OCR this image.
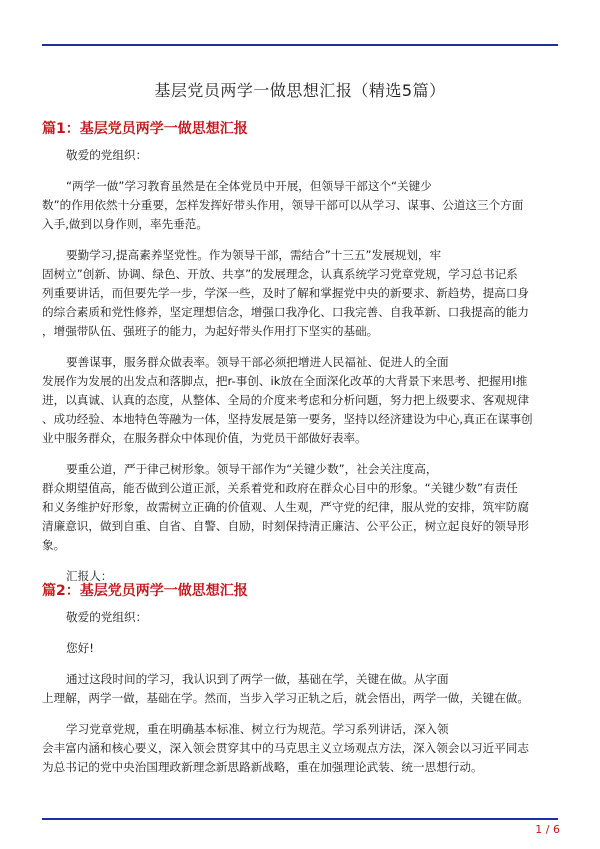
基层党员两学一做思想汇报（精选5篇）
篇1：基层党员两学一做思想汇报

敬爱的党组织：

“两学一做”学习教育虽然是在全体党员中开展，但领导干部这个“关键少
数”的作用依然十分重要，怎样发挥好带头作用，领导干部可以从学习、谋事、公道这三个方面
入手,做到以身作则，率先垂范。

要勤学习,提高素养坚党性。作为领导干部，需结合”十三五”发展规划，牢
固树立”创新、协调、绿色、开放、共享”的发展理念，认真系统学习党章党规，学习总书记系
列重要讲话，而但要先学一步，学深一些，及时了解和掌握党中央的新要求、新趋势，提高口身
的综合素质和党性修养，坚定理想信念，增强口我净化、口我完善、自我革新、口我提高的能力
，增强带队伍、强班子的能力，为起好带头作用打下坚实的基础。

要善谋事，服务群众做表率。领导干部必须把增进人民福祉、促进人的全面
发展作为发展的出发点和落脚点，把r-事创、ik放在全面深化改革的大背景下来思考、把握用I推
进，以真诚、认真的态度，从整体、全局的介度来考虑和分析问题，努力把上级要求、客观规律
、成功经验、本地特色等融为一体，坚持发展是第一要务，坚持以经济建设为中心,真正在谋事创
业中服务群众，在服务群众中体现价值，为党员干部做好表率。

要重公道，严于律己树形象。领导干部作为“关键少数”，社会关注度高，
群众期望值高，能否做到公道正派，关系着党和政府在群众心目中的形象。“关键少数”有责任
和义务维护好形象，故需树立正确的价值观、人生观，严守党的纪律，服从党的安排，筑牢防腐
清廉意识，做到自重、自省、自警、自励，时刻保持清正廉洁、公平公正，树立起良好的领导形
象。

汇报人：

篇2：基层党员两学一做思想汇报

敬爱的党组织：

您好!

通过这段时间的学习，我认识到了两学一做，基础在学，关键在做。从字面
上理解，两学一做，基础在学。然而，当步入学习正轨之后，就会悟出，两学一做，关键在做。

学习党章党规，重在明确基本标准、树立行为规范。学习系列讲话，深入领
会丰富内涵和核心要义，深入领会贯穿其中的马克思主义立场观点方法，深入领会以习近平同志
为总书记的党中央治国理政新理念新思路新战略，重在加强理论武装、统一思想行动。

1 / 6
